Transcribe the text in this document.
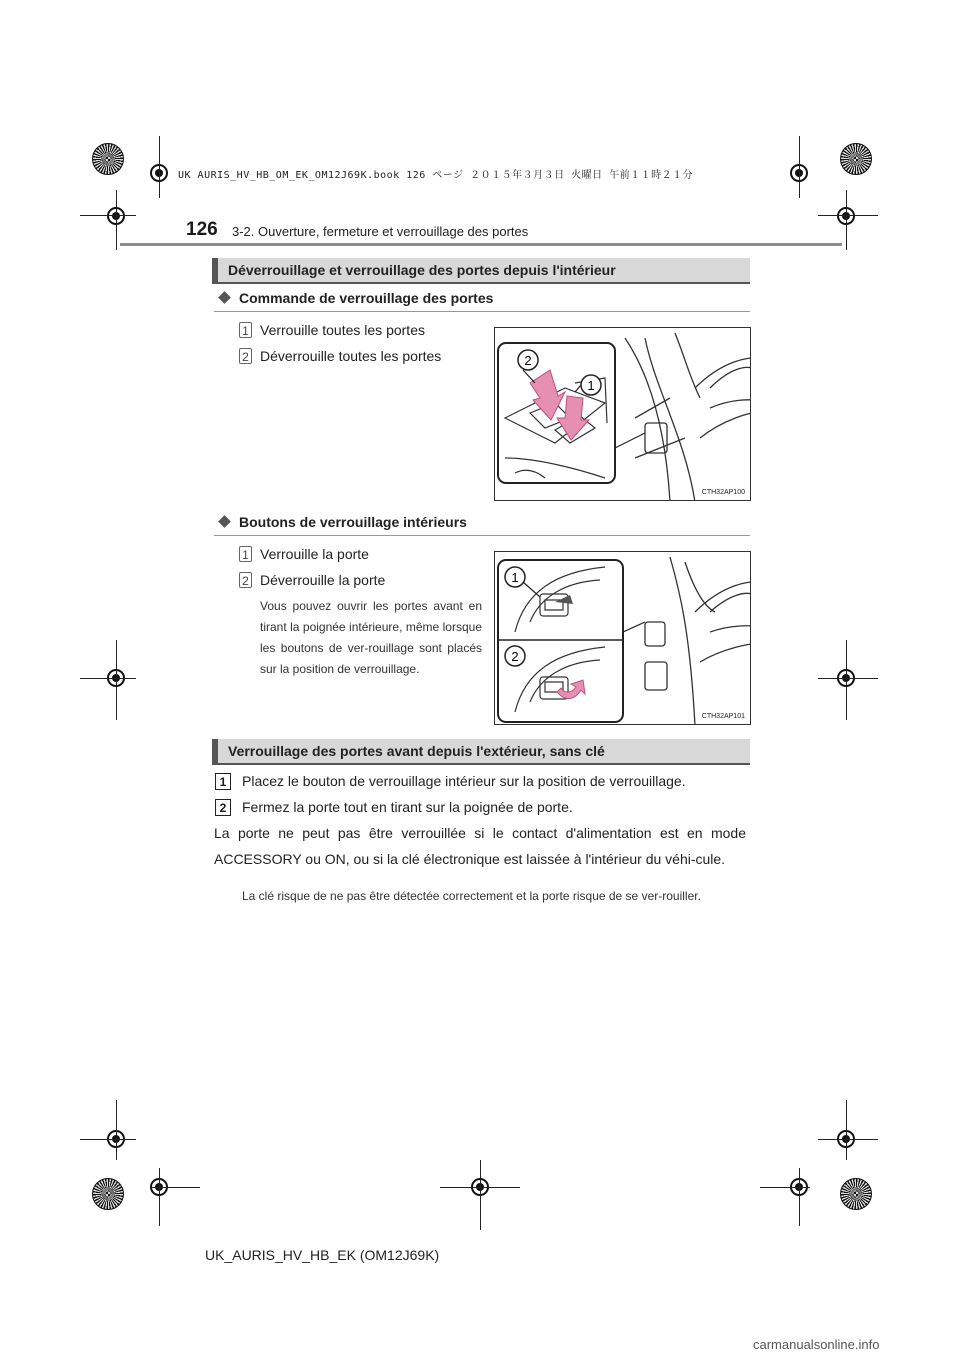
UK AURIS_HV_HB_OM_EK_OM12J69K.book 126 ページ ２０１５年３月３日 火曜日 午前１１時２１分
126 3-2. Ouverture, fermeture et verrouillage des portes
Déverrouillage et verrouillage des portes depuis l'intérieur
Commande de verrouillage des portes
1 Verrouille toutes les portes
2 Déverrouille toutes les portes	2
1
CTH32AP100
Boutons de verrouillage intérieurs
1 Verrouille la porte
2 Déverrouille la porte
Vous pouvez ouvrir les portes avant en tirant la poignée intérieure, même lorsque les boutons de ver-rouillage sont placés sur la position de verrouillage.
1
2
CTH32AP101
Verrouillage des portes avant depuis l'extérieur, sans clé
1	Placez le bouton de verrouillage intérieur sur la position de verrouillage.
2	Fermez la porte tout en tirant sur la poignée de porte.
La porte ne peut pas être verrouillée si le contact d'alimentation est en mode ACCESSORY ou ON, ou si la clé électronique est laissée à l'intérieur du véhi-cule.
La clé risque de ne pas être détectée correctement et la porte risque de se ver-rouiller.
UK_AURIS_HV_HB_EK (OM12J69K)
carmanualsonline.info
